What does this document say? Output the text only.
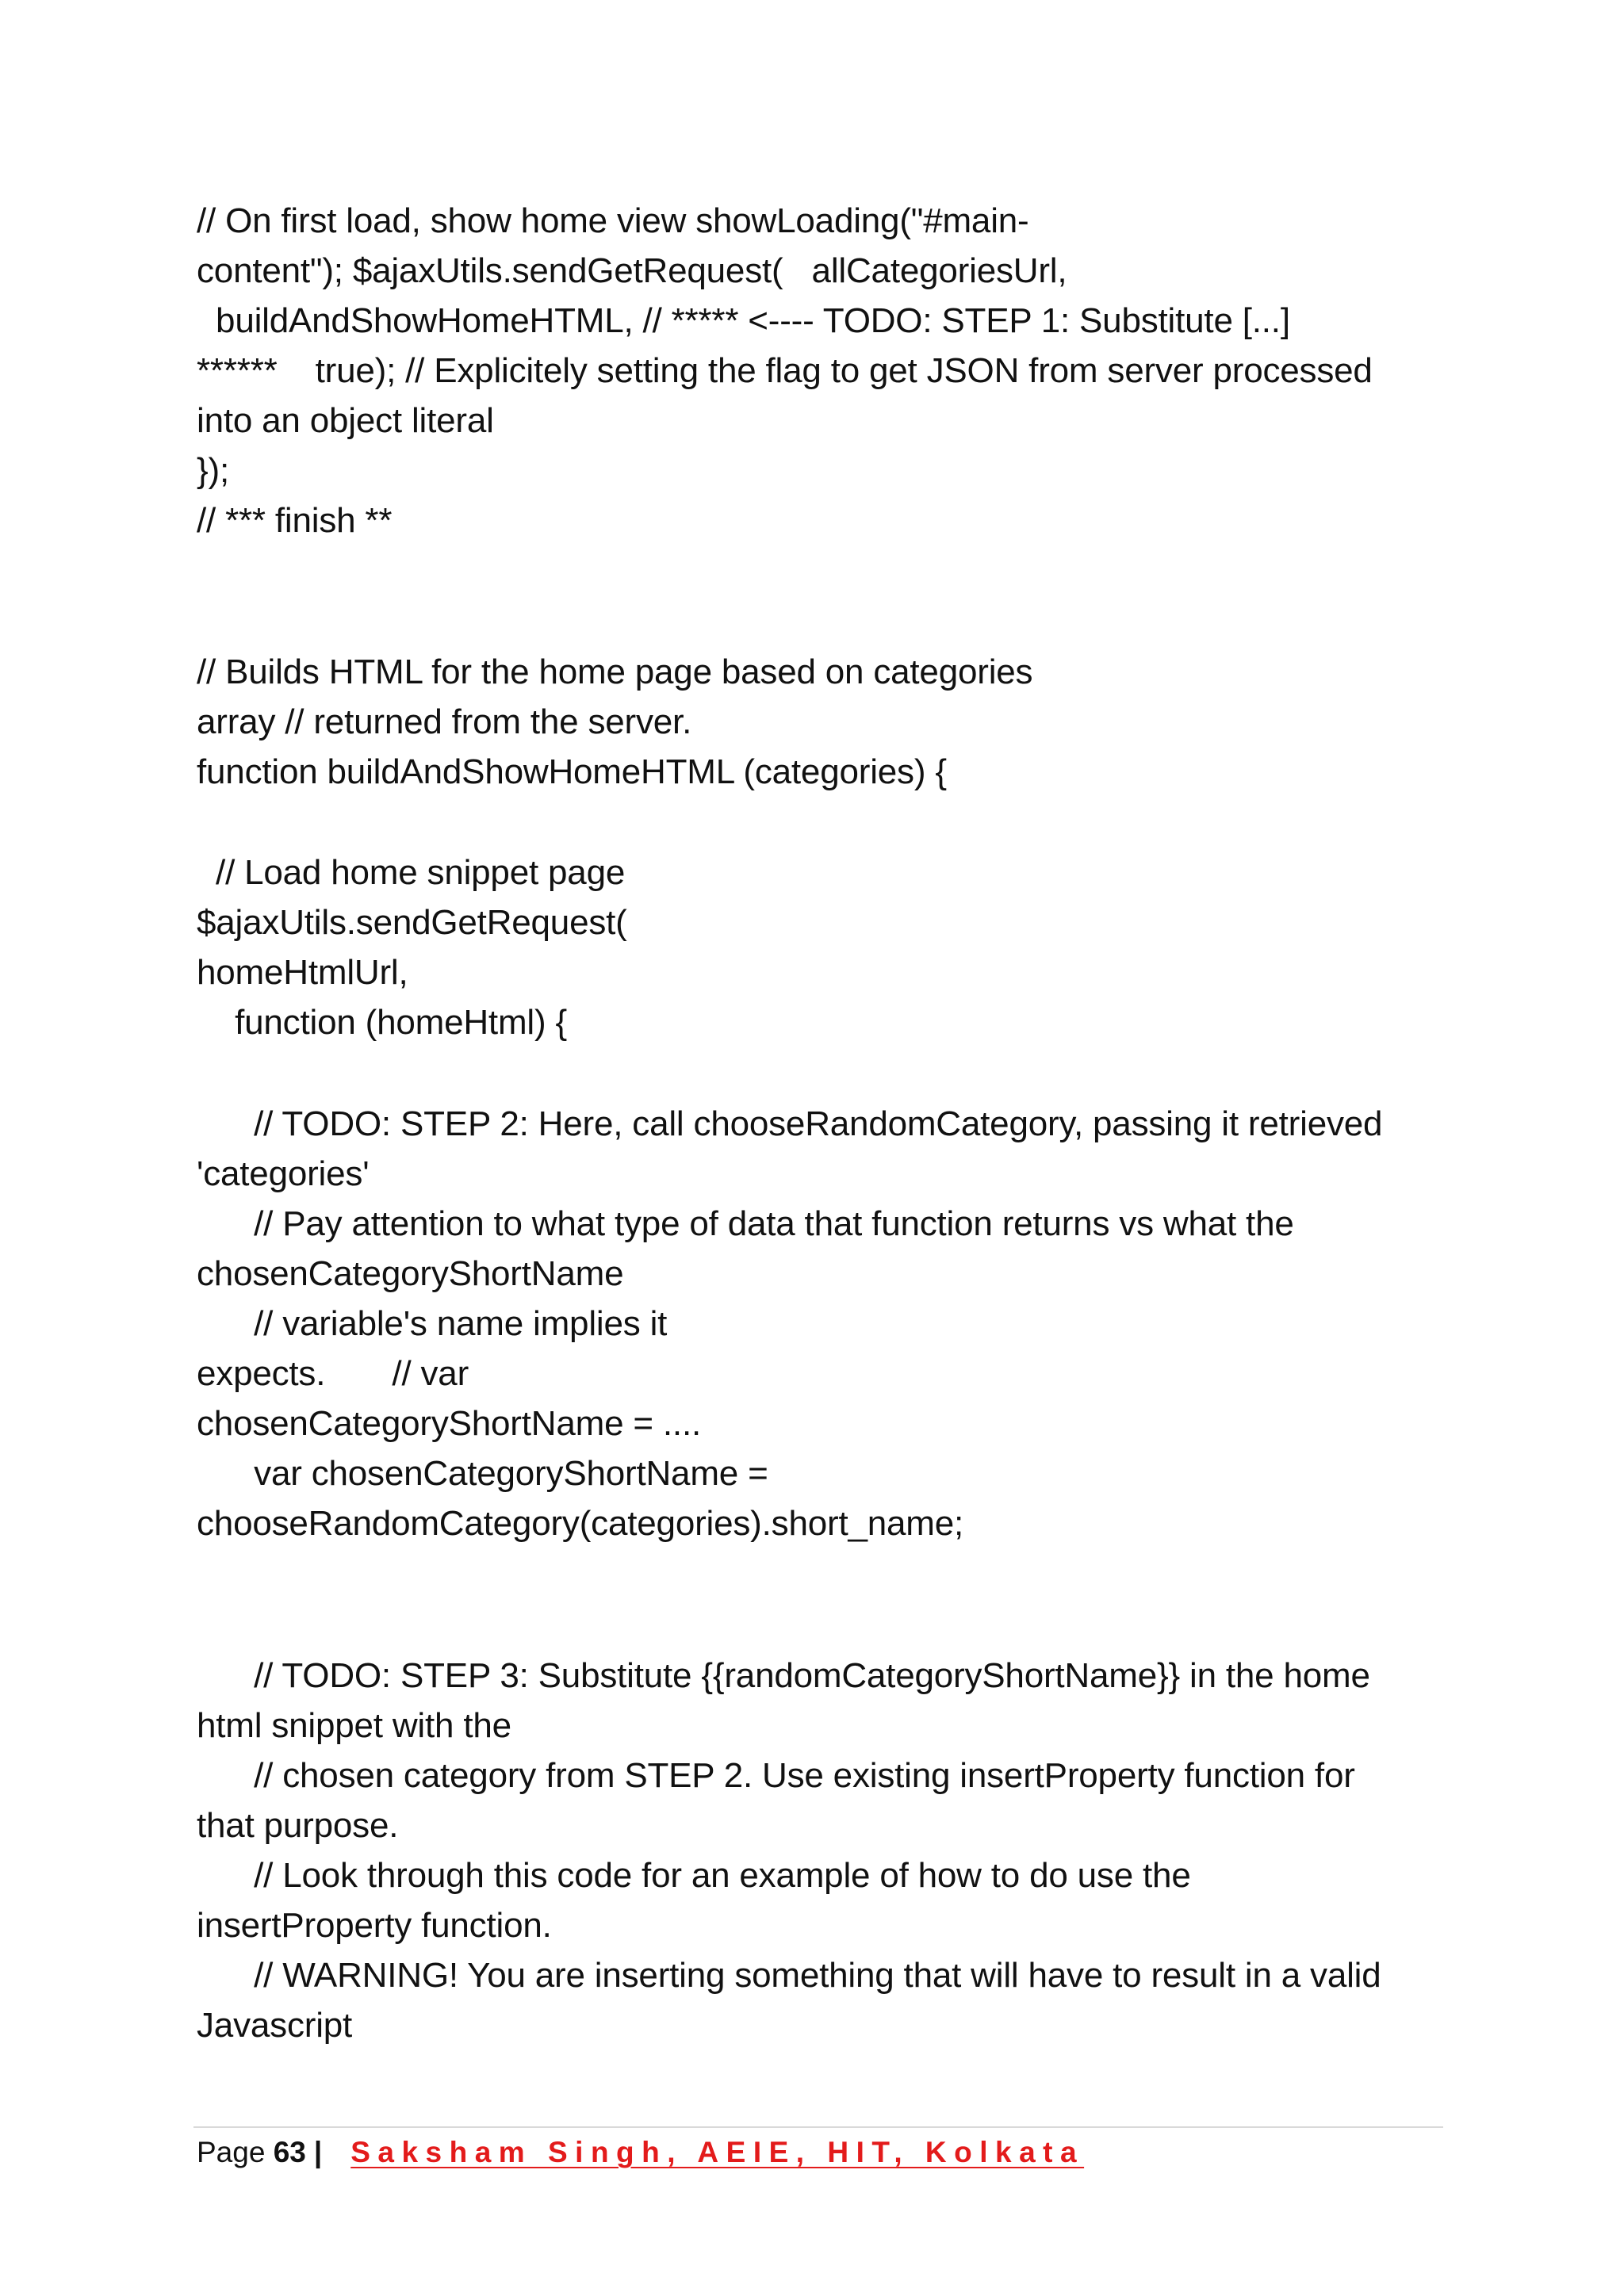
// On first load, show home view showLoading("#main-
content"); $ajaxUtils.sendGetRequest(   allCategoriesUrl,
buildAndShowHomeHTML, // ***** <---- TODO: STEP 1: Substitute [...]
******    true); // Explicitely setting the flag to get JSON from server processed
into an object literal
});
// *** finish **
// Builds HTML for the home page based on categories
array // returned from the server.
function buildAndShowHomeHTML (categories) {
// Load home snippet page
$ajaxUtils.sendGetRequest(
homeHtmlUrl,
function (homeHtml) {
// TODO: STEP 2: Here, call chooseRandomCategory, passing it retrieved
'categories'
// Pay attention to what type of data that function returns vs what the
chosenCategoryShortName
// variable's name implies it
expects.       // var
chosenCategoryShortName = ....
var chosenCategoryShortName =
chooseRandomCategory(categories).short_name;
// TODO: STEP 3: Substitute {{randomCategoryShortName}} in the home
html snippet with the
// chosen category from STEP 2. Use existing insertProperty function for
that purpose.
// Look through this code for an example of how to do use the
insertProperty function.
// WARNING! You are inserting something that will have to result in a valid
Javascript
Page 63 | Saksham Singh, AEIE, HIT, Kolkata
